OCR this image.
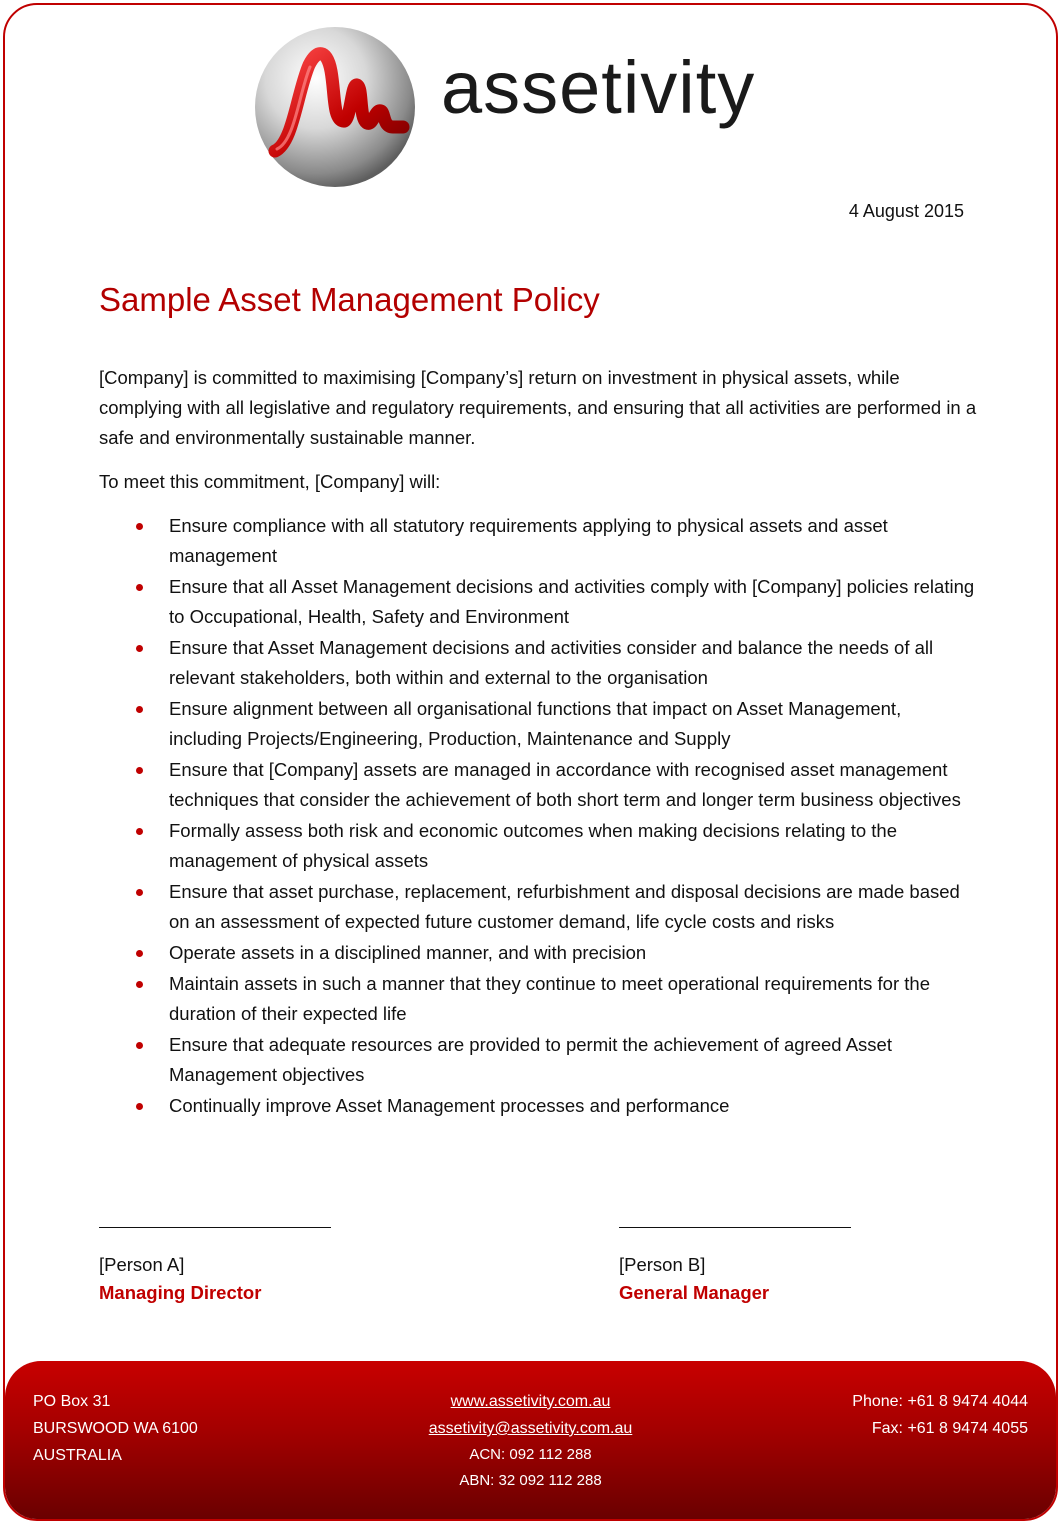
assetivity
4 August 2015
Sample Asset Management Policy

[Company] is committed to maximising [Company’s] return on investment in physical assets, while complying with all legislative and regulatory requirements, and ensuring that all activities are performed in a safe and environmentally sustainable manner.

To meet this commitment, [Company] will:

Ensure compliance with all statutory requirements applying to physical assets and asset management
Ensure that all Asset Management decisions and activities comply with [Company] policies relating to Occupational, Health, Safety and Environment
Ensure that Asset Management decisions and activities consider and balance the needs of all relevant stakeholders, both within and external to the organisation
Ensure alignment between all organisational functions that impact on Asset Management, including Projects/Engineering, Production, Maintenance and Supply
Ensure that [Company] assets are managed in accordance with recognised asset management techniques that consider the achievement of both short term and longer term business objectives
Formally assess both risk and economic outcomes when making decisions relating to the management of physical assets
Ensure that asset purchase, replacement, refurbishment and disposal decisions are made based on an assessment of expected future customer demand, life cycle costs and risks
Operate assets in a disciplined manner, and with precision
Maintain assets in such a manner that they continue to meet operational requirements for the duration of their expected life
Ensure that adequate resources are provided to permit the achievement of agreed Asset Management objectives
Continually improve Asset Management processes and performance
[Person A]
Managing Director
[Person B]
General Manager
PO Box 31
BURSWOOD WA 6100
AUSTRALIA
www.assetivity.com.au
assetivity@assetivity.com.au
ACN: 092 112 288
ABN: 32 092 112 288
Phone: +61 8 9474 4044
Fax: +61 8 9474 4055
